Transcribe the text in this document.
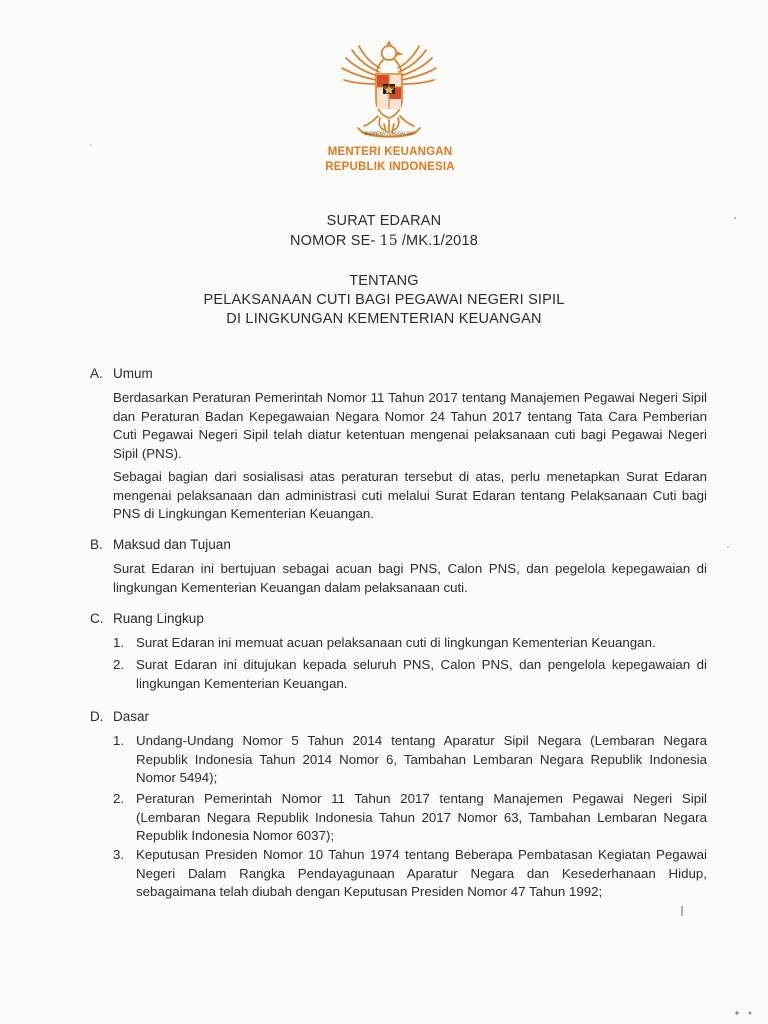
BHINNEKA TUNGGAL IKA
MENTERI KEUANGAN
REPUBLIK INDONESIA
SURAT EDARAN
NOMOR SE- 15 /MK.1/2018
TENTANG
PELAKSANAAN CUTI BAGI PEGAWAI NEGERI SIPIL
DI LINGKUNGAN KEMENTERIAN KEUANGAN
A. Umum
Berdasarkan Peraturan Pemerintah Nomor 11 Tahun 2017 tentang Manajemen Pegawai Negeri Sipil dan Peraturan Badan Kepegawaian Negara Nomor 24 Tahun 2017 tentang Tata Cara Pemberian Cuti Pegawai Negeri Sipil telah diatur ketentuan mengenai pelaksanaan cuti bagi Pegawai Negeri Sipil (PNS).
Sebagai bagian dari sosialisasi atas peraturan tersebut di atas, perlu menetapkan Surat Edaran mengenai pelaksanaan dan administrasi cuti melalui Surat Edaran tentang Pelaksanaan Cuti bagi PNS di Lingkungan Kementerian Keuangan.
B. Maksud dan Tujuan
Surat Edaran ini bertujuan sebagai acuan bagi PNS, Calon PNS, dan pegelola kepegawaian di lingkungan Kementerian Keuangan dalam pelaksanaan cuti.
C. Ruang Lingkup
1. Surat Edaran ini memuat acuan pelaksanaan cuti di lingkungan Kementerian Keuangan.
2. Surat Edaran ini ditujukan kepada seluruh PNS, Calon PNS, dan pengelola kepegawaian di lingkungan Kementerian Keuangan.
D. Dasar
1. Undang-Undang Nomor 5 Tahun 2014 tentang Aparatur Sipil Negara (Lembaran Negara Republik Indonesia Tahun 2014 Nomor 6, Tambahan Lembaran Negara Republik Indonesia Nomor 5494);
2. Peraturan Pemerintah Nomor 11 Tahun 2017 tentang Manajemen Pegawai Negeri Sipil (Lembaran Negara Republik Indonesia Tahun 2017 Nomor 63, Tambahan Lembaran Negara Republik Indonesia Nomor 6037);
3. Keputusan Presiden Nomor 10 Tahun 1974 tentang Beberapa Pembatasan Kegiatan Pegawai Negeri Dalam Rangka Pendayagunaan Aparatur Negara dan Kesederhanaan Hidup, sebagaimana telah diubah dengan Keputusan Presiden Nomor 47 Tahun 1992;
